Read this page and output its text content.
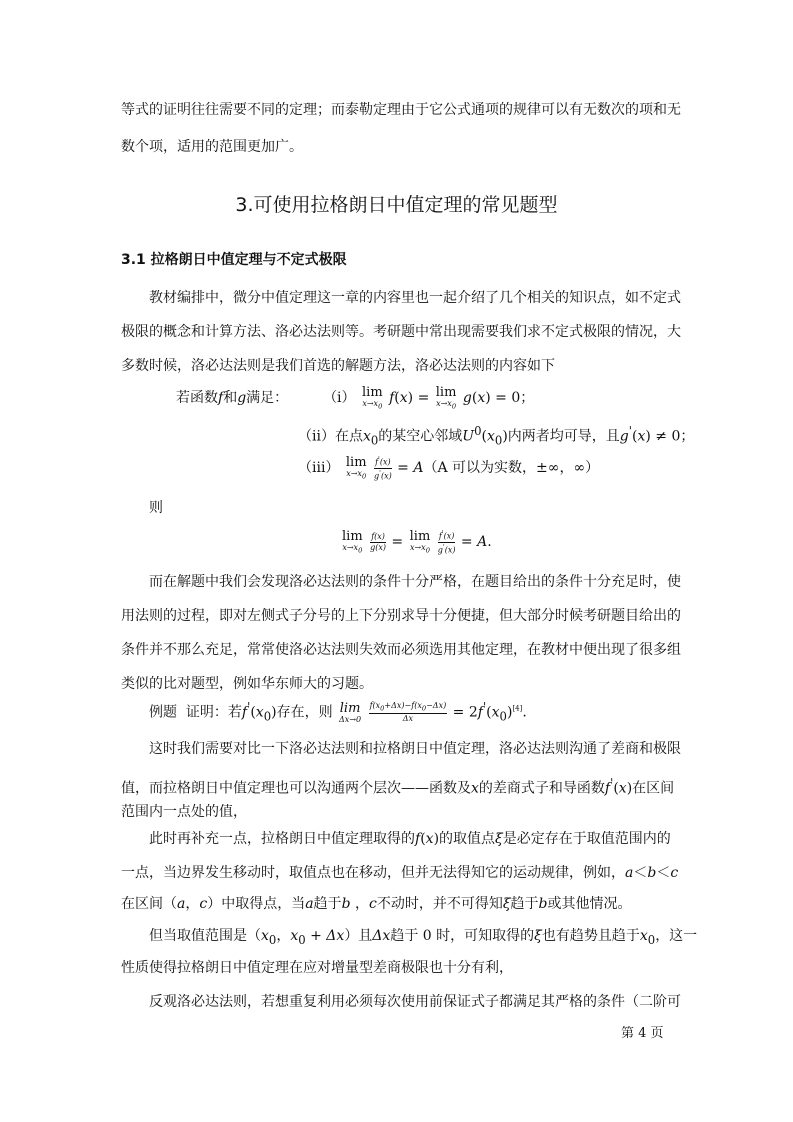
等式的证明往往需要不同的定理；而泰勒定理由于它公式通项的规律可以有无数次的项和无
数个项，适用的范围更加广。
3.可使用拉格朗日中值定理的常见题型
3.1 拉格朗日中值定理与不定式极限
教材编排中，微分中值定理这一章的内容里也一起介绍了几个相关的知识点，如不定式
极限的概念和计算方法、洛必达法则等。考研题中常出现需要我们求不定式极限的情况，大
多数时候，洛必达法则是我们首选的解题方法，洛必达法则的内容如下
若函数f和g满足： （i） lim
$x\to x_0$
f(x) = lim
$x\to x_0$
g(x) = 0；
（ii）在点$x_0$的某空心邻域$U^0(x_0)$内两者均可导，且g'(x) ≠ 0；
（iii） lim
$x\to x_0$
$\frac{f'(x)}{g'(x)} = A(A$ 可以为实数，±∞，∞）
则
lim
$x\to x_0$
$\frac{f(x)}{g(x)} = \lim$
$x\to x_0$
$\frac{f'(x)}{g'(x)} = A$.
而在解题中我们会发现洛必达法则的条件十分严格，在题目给出的条件十分充足时，使
用法则的过程，即对左侧式子分号的上下分别求导十分便捷，但大部分时候考研题目给出的
条件并不那么充足，常常使洛必达法则失效而必须选用其他定理，在教材中便出现了很多组
类似的比对题型，例如华东师大的习题。
例题 证明：若$f'(x_0)$存在，则 lim
Δx→0
$\frac{f(x_0+\Delta x)-f(x_0-\Delta x)}{\Delta x} = 2f'(x_0)[4]$.
这时我们需要对比一下洛必达法则和拉格朗日中值定理，洛必达法则沟通了差商和极限
值，而拉格朗日中值定理也可以沟通两个层次——函数及x的差商式子和导函数f'(x)在区间
范围内一点处的值，
此时再补充一点，拉格朗日中值定理取得的f(x)的取值点ξ是必定存在于取值范围内的
一点，当边界发生移动时，取值点也在移动，但并无法得知它的运动规律，例如，a＜b＜c
在区间（a，c）中取得点，当a趋于b ，c不动时，并不可得知ξ趋于b或其他情况。
但当取值范围是（$x_0$，$x_0 + \Delta x$）且Δx趋于 0 时，可知取得的ξ也有趋势且趋于$x_0$，这一
性质使得拉格朗日中值定理在应对增量型差商极限也十分有利，
反观洛必达法则，若想重复利用必须每次使用前保证式子都满足其严格的条件（二阶可
第 4 页
